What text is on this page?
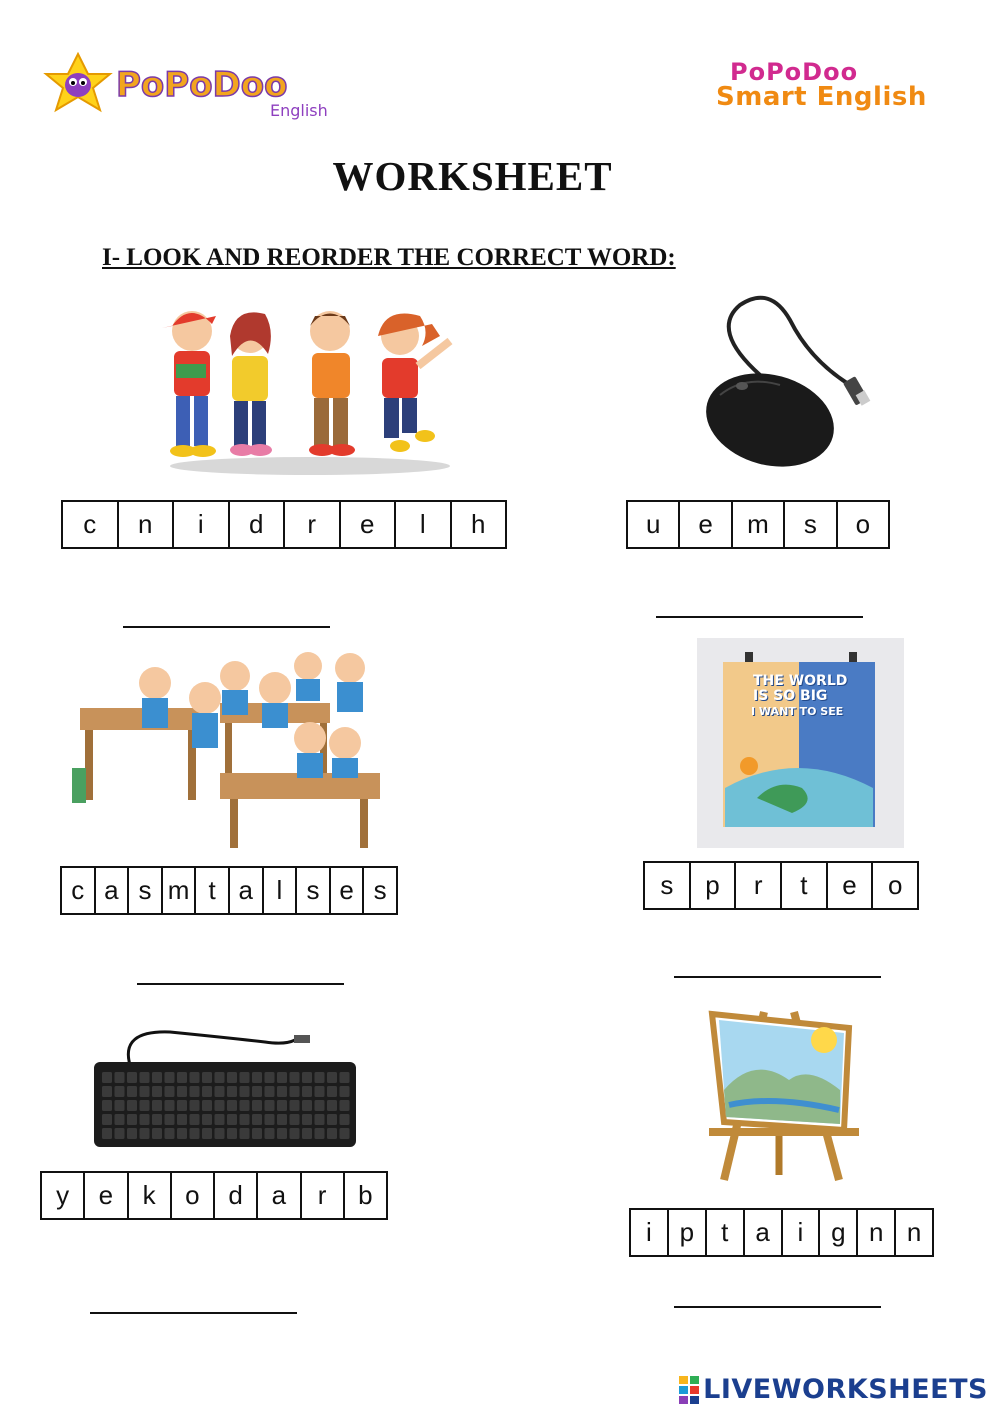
PoPoDoo
English
PoPoDoo
Smart English
WORKSHEET
I- LOOK AND REORDER THE CORRECT WORD:
c	n	i	d	r	e	l	h	u	e	m	s	o
c a s m t a l s e s
THE WORLD
IS SO BIG
I WANT TO SEE
s	p	r	t	e	o
y	e	k	o	d	a	r	b
i	p	t	a	i	g n n
LIVEWORKSHEETS
